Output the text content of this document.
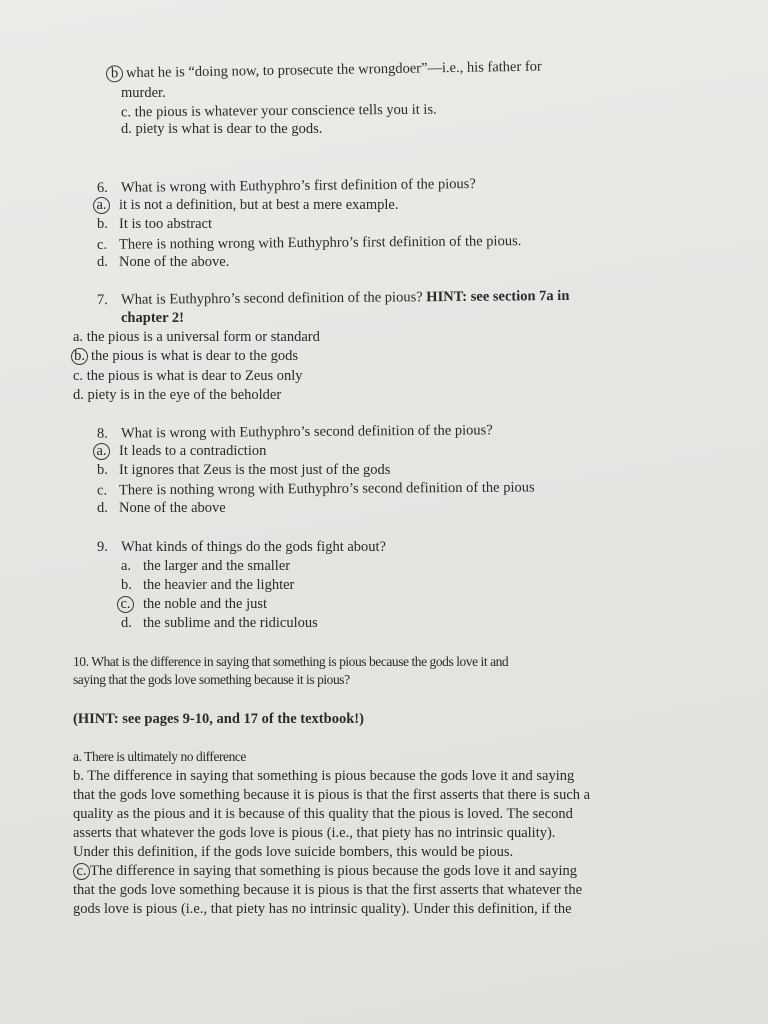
b what he is “doing now, to prosecute the wrongdoer”—i.e., his father for
murder.
c. the pious is whatever your conscience tells you it is.
d. piety is what is dear to the gods.
6. What is wrong with Euthyphro’s first definition of the pious?
a. it is not a definition, but at best a mere example.
b. It is too abstract
c. There is nothing wrong with Euthyphro’s first definition of the pious.
d. None of the above.
7. What is Euthyphro’s second definition of the pious? HINT: see section 7a in
chapter 2!
a. the pious is a universal form or standard
b. the pious is what is dear to the gods
c. the pious is what is dear to Zeus only
d. piety is in the eye of the beholder
8. What is wrong with Euthyphro’s second definition of the pious?
a. It leads to a contradiction
b. It ignores that Zeus is the most just of the gods
c. There is nothing wrong with Euthyphro’s second definition of the pious
d. None of the above
9. What kinds of things do the gods fight about?
a. the larger and the smaller
b. the heavier and the lighter
c. the noble and the just
d. the sublime and the ridiculous
10. What is the difference in saying that something is pious because the gods love it and
saying that the gods love something because it is pious?
(HINT: see pages 9-10, and 17 of the textbook!)
a. There is ultimately no difference
b. The difference in saying that something is pious because the gods love it and saying
that the gods love something because it is pious is that the first asserts that there is such a
quality as the pious and it is because of this quality that the pious is loved. The second
asserts that whatever the gods love is pious (i.e., that piety has no intrinsic quality).
Under this definition, if the gods love suicide bombers, this would be pious.
c. The difference in saying that something is pious because the gods love it and saying
that the gods love something because it is pious is that the first asserts that whatever the
gods love is pious (i.e., that piety has no intrinsic quality). Under this definition, if the
